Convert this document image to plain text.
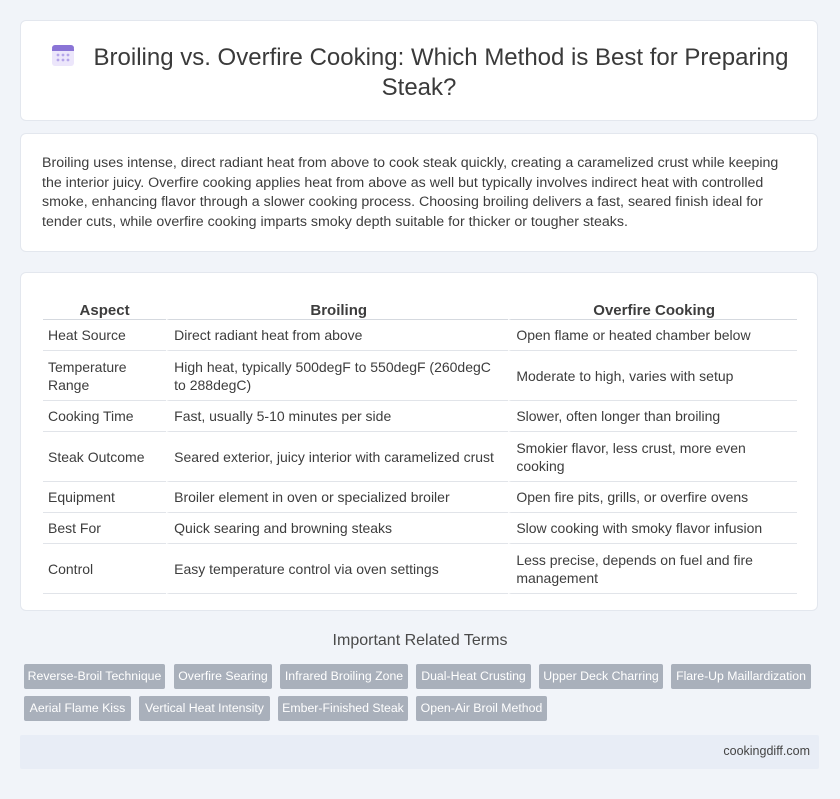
Broiling vs. Overfire Cooking: Which Method is Best for Preparing Steak?
Broiling uses intense, direct radiant heat from above to cook steak quickly, creating a caramelized crust while keeping the interior juicy. Overfire cooking applies heat from above as well but typically involves indirect heat with controlled smoke, enhancing flavor through a slower cooking process. Choosing broiling delivers a fast, seared finish ideal for tender cuts, while overfire cooking imparts smoky depth suitable for thicker or tougher steaks.
Aspect	Broiling	Overfire Cooking
Heat Source	Direct radiant heat from above	Open flame or heated chamber below
Temperature Range	High heat, typically 500degF to 550degF (260degC to 288degC)	Moderate to high, varies with setup
Cooking Time	Fast, usually 5-10 minutes per side	Slower, often longer than broiling
Steak Outcome	Seared exterior, juicy interior with caramelized crust	Smokier flavor, less crust, more even cooking
Equipment	Broiler element in oven or specialized broiler	Open fire pits, grills, or overfire ovens
Best For	Quick searing and browning steaks	Slow cooking with smoky flavor infusion
Control	Easy temperature control via oven settings	Less precise, depends on fuel and fire management
Important Related Terms
Reverse-Broil Technique	Overfire Searing	Infrared Broiling Zone	Dual-Heat Crusting	Upper Deck Charring	Flare-Up Maillardization
Aerial Flame Kiss	Vertical Heat Intensity	Ember-Finished Steak	Open-Air Broil Method
cookingdiff.com
